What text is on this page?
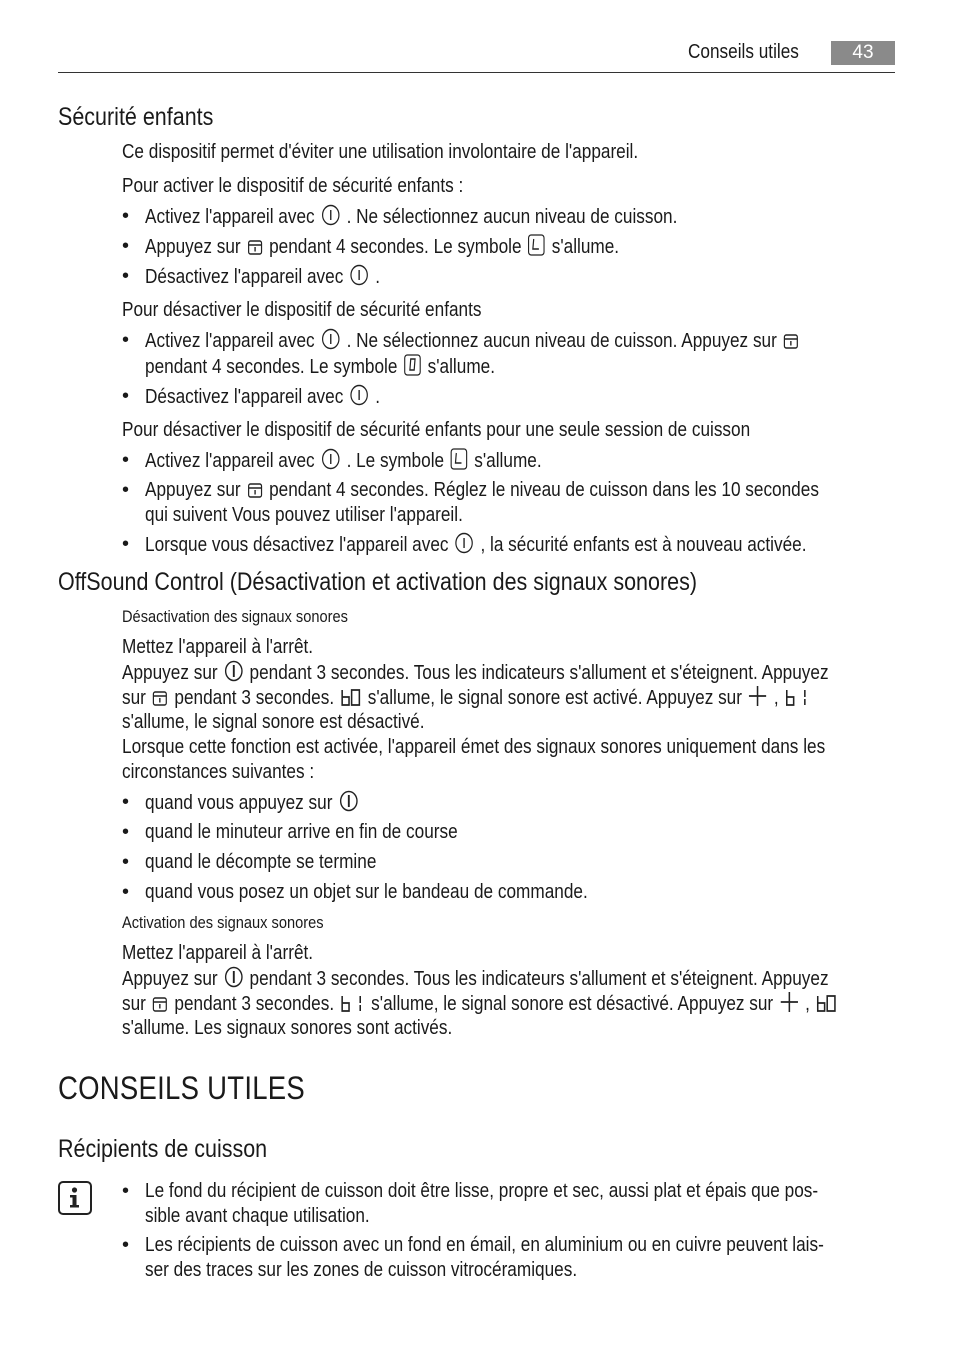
Conseils utiles	43
Sécurité enfants
Ce dispositif permet d'éviter une utilisation involontaire de l'appareil.
Pour activer le dispositif de sécurité enfants :
• Activez l'appareil avec . Ne sélectionnez aucun niveau de cuisson.
• Appuyez sur pendant 4 secondes. Le symbole s'allume.
• Désactivez l'appareil avec .
Pour désactiver le dispositif de sécurité enfants
• Activez l'appareil avec . Ne sélectionnez aucun niveau de cuisson. Appuyez sur
pendant 4 secondes. Le symbole s'allume.
• Désactivez l'appareil avec .
Pour désactiver le dispositif de sécurité enfants pour une seule session de cuisson
• Activez l'appareil avec . Le symbole s'allume.
• Appuyez sur pendant 4 secondes. Réglez le niveau de cuisson dans les 10 secondes
qui suivent Vous pouvez utiliser l'appareil.
• Lorsque vous désactivez l'appareil avec , la sécurité enfants est à nouveau activée.
OffSound Control (Désactivation et activation des signaux sonores)
Désactivation des signaux sonores
Mettez l'appareil à l'arrêt.
Appuyez sur pendant 3 secondes. Tous les indicateurs s'allument et s'éteignent. Appuyez
sur pendant 3 secondes. s'allume, le signal sonore est activé. Appuyez sur ,
s'allume, le signal sonore est désactivé.
Lorsque cette fonction est activée, l'appareil émet des signaux sonores uniquement dans les
circonstances suivantes :
• quand vous appuyez sur
• quand le minuteur arrive en fin de course
• quand le décompte se termine
• quand vous posez un objet sur le bandeau de commande.
Activation des signaux sonores
Mettez l'appareil à l'arrêt.
Appuyez sur pendant 3 secondes. Tous les indicateurs s'allument et s'éteignent. Appuyez
sur pendant 3 secondes. s'allume, le signal sonore est désactivé. Appuyez sur ,
s'allume. Les signaux sonores sont activés.
CONSEILS UTILES
Récipients de cuisson
• Le fond du récipient de cuisson doit être lisse, propre et sec, aussi plat et épais que pos-
sible avant chaque utilisation.
• Les récipients de cuisson avec un fond en émail, en aluminium ou en cuivre peuvent lais-
ser des traces sur les zones de cuisson vitrocéramiques.
